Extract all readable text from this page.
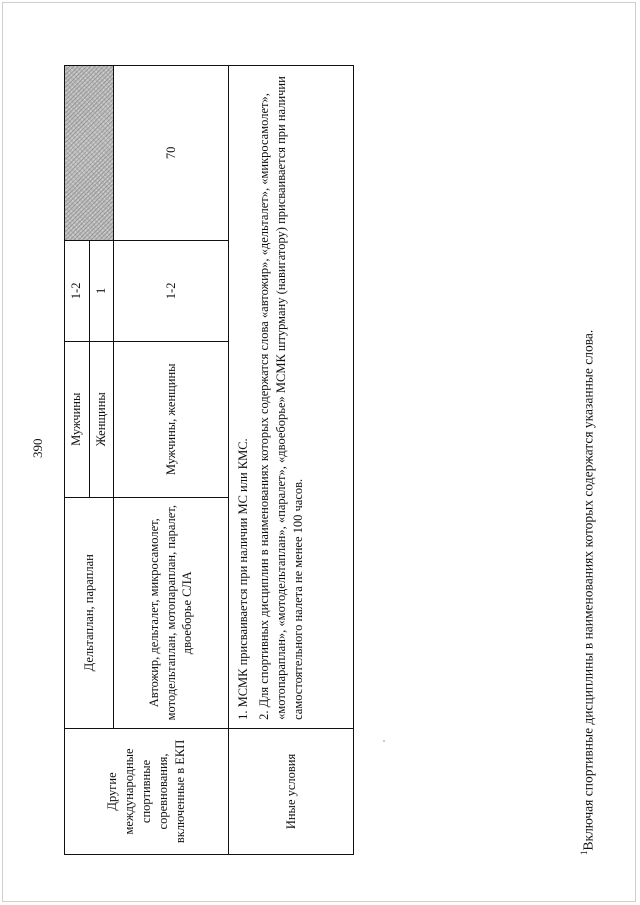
390
Другие международные спортивные соревнования, включенные в ЕКП	Дельтаплан, параплан	Мужчины	1-2	
		Женщины	1	
	Автожир, дельталет, микросамолет, мотодельтаплан, мотопараплан, паралет, двоеборье СЛА	Мужчины, женщины	1-2	70
Иные условия	1. МСМК присваивается при наличии МС или КМС. 2. Для спортивных дисциплин в наименованиях которых содержатся слова «автожир», «дельталет», «микросамолет», «мотопараплан», «мотодельтаплан», «паралет», «двоеборье» МСМК штурману (навигатору) присваивается при наличии самостоятельного налета не менее 100 часов.			

$^1$Включая спортивные дисциплины в наименованиях которых содержатся указанные слова.
